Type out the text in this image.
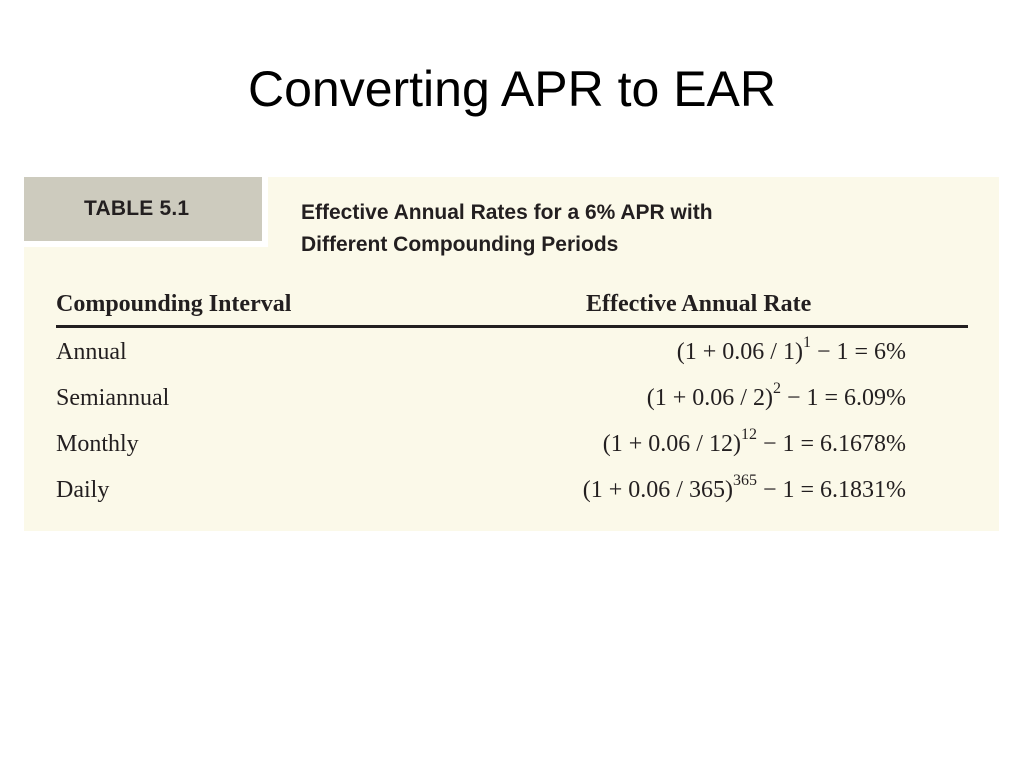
Converting APR to EAR
TABLE 5.1	Effective Annual Rates for a 6% APR with
Different Compounding Periods
Compounding Interval	Effective Annual Rate
Annual	$(1 + 0.06 / 1)^1 - 1 = 6\%$
Semiannual	$(1 + 0.06 / 2)^2 - 1 = 6.09\%$
Monthly	$(1 + 0.06 / 12)^{12} - 1 = 6.1678\%$
Daily	$(1 + 0.06 / 365)^{365} - 1 = 6.1831\%$
